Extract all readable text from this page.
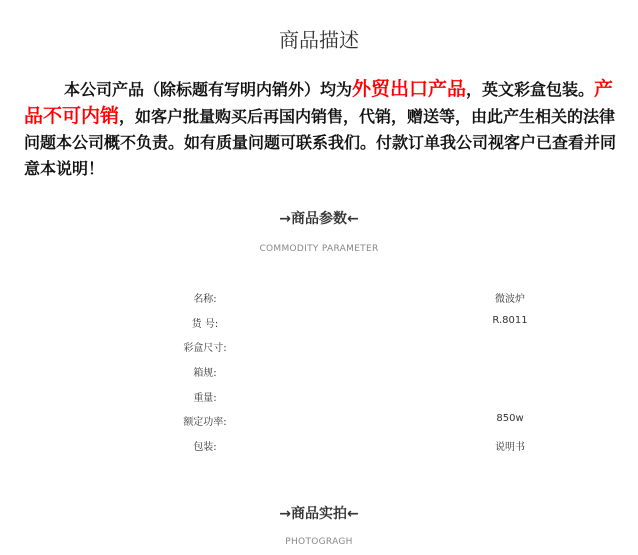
商品描述

本公司产品（除标题有写明内销外）均为外贸出口产品，英文彩盒包装。产品不可内销，如客户批量购买后再国内销售，代销，赠送等，由此产生相关的法律问题本公司概不负责。如有质量问题可联系我们。付款订单我公司视客户已查看并同意本说明！

→商品参数←
COMMODITY PARAMETER
名称:	微波炉
货 号:	R.8011
彩盒尺寸:
箱规:
重量:
额定功率:	850w
包装:	说明书
→商品实拍←
PHOTOGRAGH
